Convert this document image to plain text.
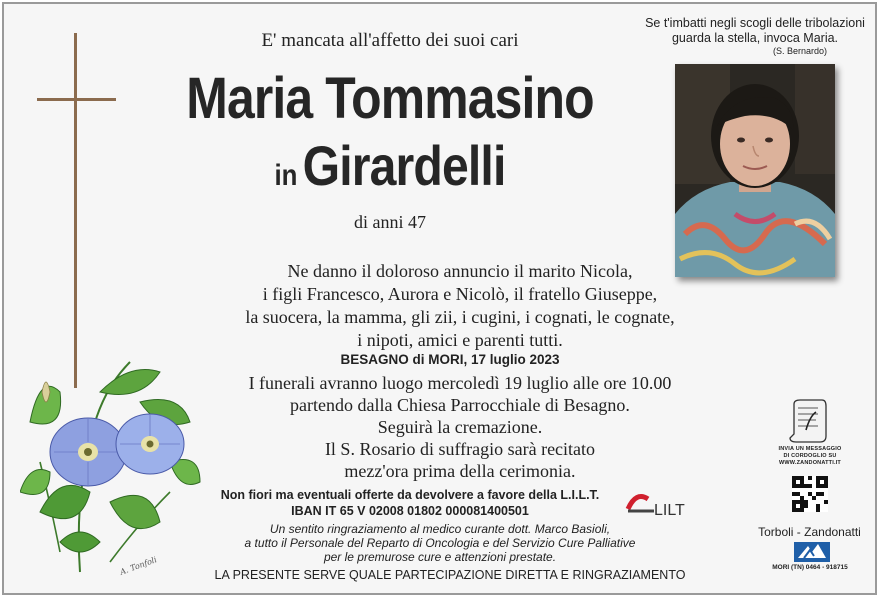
E' mancata all'affetto dei suoi cari
Maria Tommasino
inGirardelli
di anni 47
Se t'imbatti negli scogli delle tribolazioni
guarda la stella, invoca Maria.
(S. Bernardo)
Ne danno il doloroso annuncio il marito Nicola,
i figli Francesco, Aurora e Nicolò, il fratello Giuseppe,
la suocera, la mamma, gli zii, i cugini, i cognati, le cognate,
i nipoti, amici e parenti tutti.
BESAGNO di MORI, 17 luglio 2023
I funerali avranno luogo mercoledì 19 luglio alle ore 10.00
partendo dalla Chiesa Parrocchiale di Besagno.
Seguirà la cremazione.
Il S. Rosario di suffragio sarà recitato
mezz'ora prima della cerimonia.
Non fiori ma eventuali offerte da devolvere a favore della L.I.L.T.
IBAN IT 65 V 02008 01802 000081400501	LILT
Un sentito ringraziamento al medico curante dott. Marco Basioli,
a tutto il Personale del Reparto di Oncologia e del Servizio Cure Palliative
per le premurose cure e attenzioni prestate.
LA PRESENTE SERVE QUALE PARTECIPAZIONE DIRETTA E RINGRAZIAMENTO
INVIA UN MESSAGGIO
DI CORDOGLIO SU
WWW.ZANDONATTI.IT
Torboli - Zandonatti
MORI (TN) 0464 - 918715
A. Tonfoli
